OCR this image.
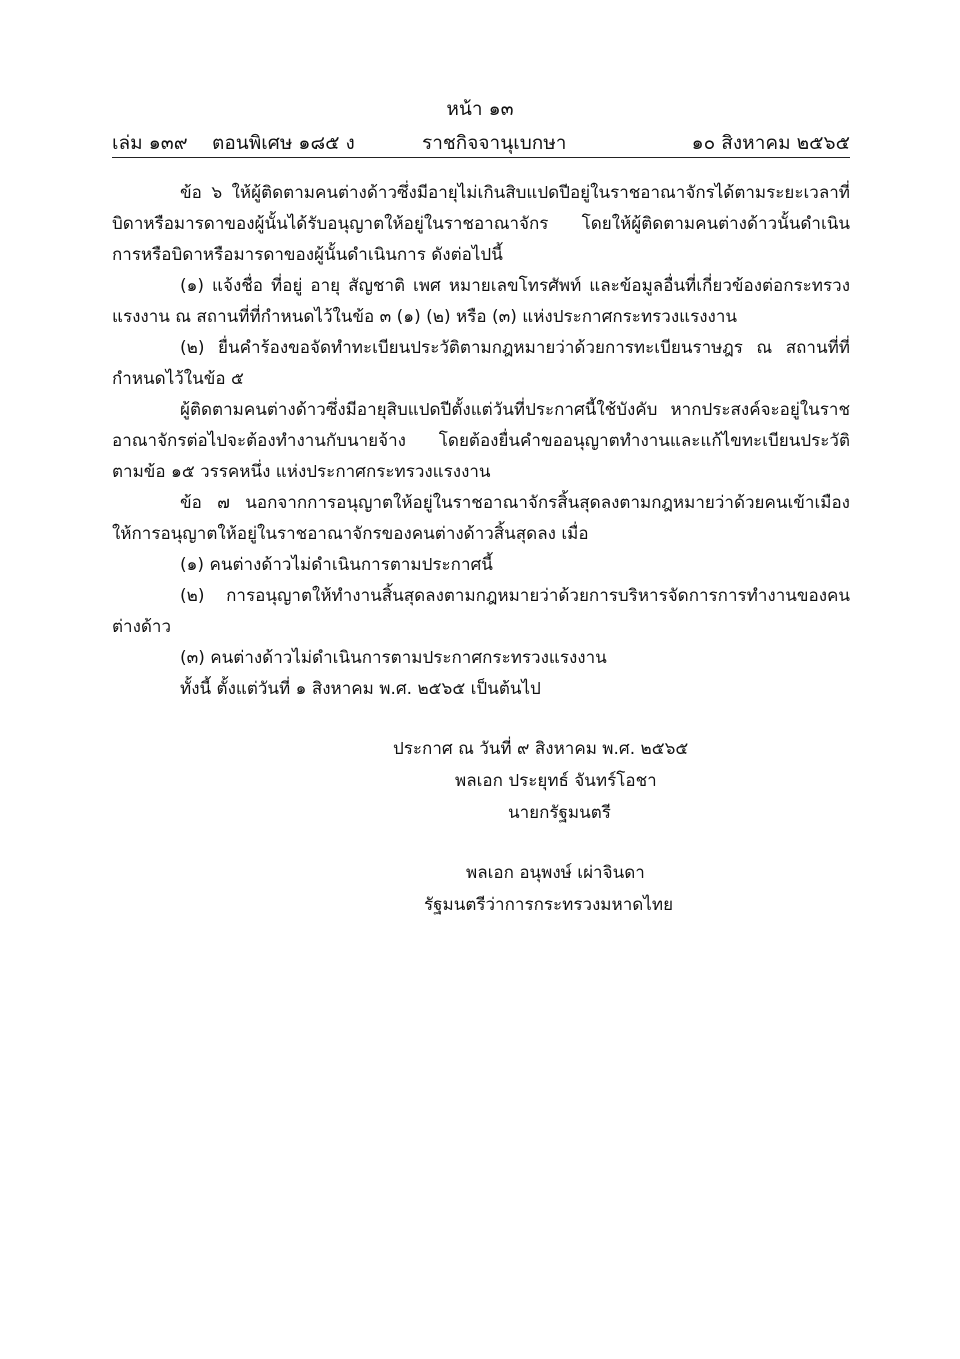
หน้า ๑๓
เล่ม ๑๓๙ ตอนพิเศษ ๑๘๕ ง	ราชกิจจานุเบกษา	๑๐ สิงหาคม ๒๕๖๕

ข้อ ๖ ให้ผู้ติดตามคนต่างด้าวซึ่งมีอายุไม่เกินสิบแปดปีอยู่ในราชอาณาจักรได้ตามระยะเวลาที่บิดาหรือมารดาของผู้นั้นได้รับอนุญาตให้อยู่ในราชอาณาจักร โดยให้ผู้ติดตามคนต่างด้าวนั้นดำเนินการหรือบิดาหรือมารดาของผู้นั้นดำเนินการ ดังต่อไปนี้

(๑) แจ้งชื่อ ที่อยู่ อายุ สัญชาติ เพศ หมายเลขโทรศัพท์ และข้อมูลอื่นที่เกี่ยวข้องต่อกระทรวงแรงงาน ณ สถานที่ที่กำหนดไว้ในข้อ ๓ (๑) (๒) หรือ (๓) แห่งประกาศกระทรวงแรงงาน

(๒) ยื่นคำร้องขอจัดทำทะเบียนประวัติตามกฎหมายว่าด้วยการทะเบียนราษฎร ณ สถานที่ที่กำหนดไว้ในข้อ ๕

ผู้ติดตามคนต่างด้าวซึ่งมีอายุสิบแปดปีตั้งแต่วันที่ประกาศนี้ใช้บังคับ หากประสงค์จะอยู่ในราชอาณาจักรต่อไปจะต้องทำงานกับนายจ้าง โดยต้องยื่นคำขออนุญาตทำงานและแก้ไขทะเบียนประวัติตามข้อ ๑๕ วรรคหนึ่ง แห่งประกาศกระทรวงแรงงาน

ข้อ ๗ นอกจากการอนุญาตให้อยู่ในราชอาณาจักรสิ้นสุดลงตามกฎหมายว่าด้วยคนเข้าเมืองให้การอนุญาตให้อยู่ในราชอาณาจักรของคนต่างด้าวสิ้นสุดลง เมื่อ

(๑) คนต่างด้าวไม่ดำเนินการตามประกาศนี้

(๒) การอนุญาตให้ทำงานสิ้นสุดลงตามกฎหมายว่าด้วยการบริหารจัดการการทำงานของคนต่างด้าว

(๓) คนต่างด้าวไม่ดำเนินการตามประกาศกระทรวงแรงงาน

ทั้งนี้ ตั้งแต่วันที่ ๑ สิงหาคม พ.ศ. ๒๕๖๕ เป็นต้นไป

ประกาศ ณ วันที่ ๙ สิงหาคม พ.ศ. ๒๕๖๕
พลเอก ประยุทธ์ จันทร์โอชา
นายกรัฐมนตรี
พลเอก อนุพงษ์ เผ่าจินดา
รัฐมนตรีว่าการกระทรวงมหาดไทย
